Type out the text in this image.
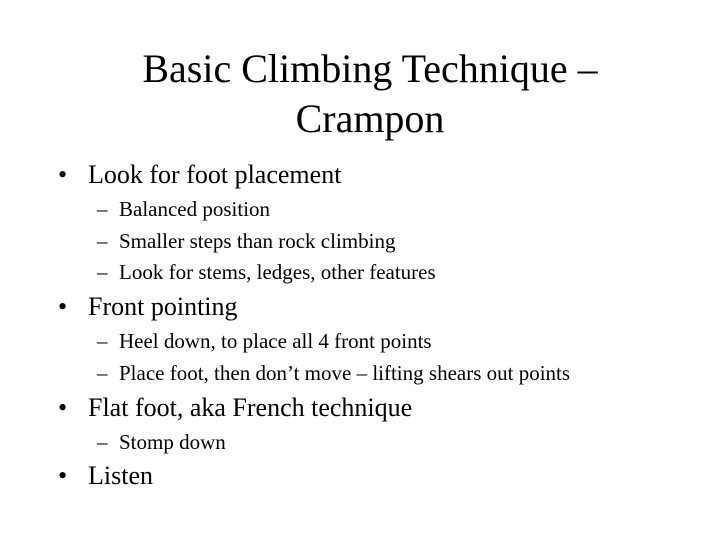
Basic Climbing Technique –
Crampon
• Look for foot placement
– Balanced position
– Smaller steps than rock climbing
– Look for stems, ledges, other features
• Front pointing
– Heel down, to place all 4 front points
– Place foot, then don’t move – lifting shears out points
• Flat foot, aka French technique
– Stomp down
• Listen
